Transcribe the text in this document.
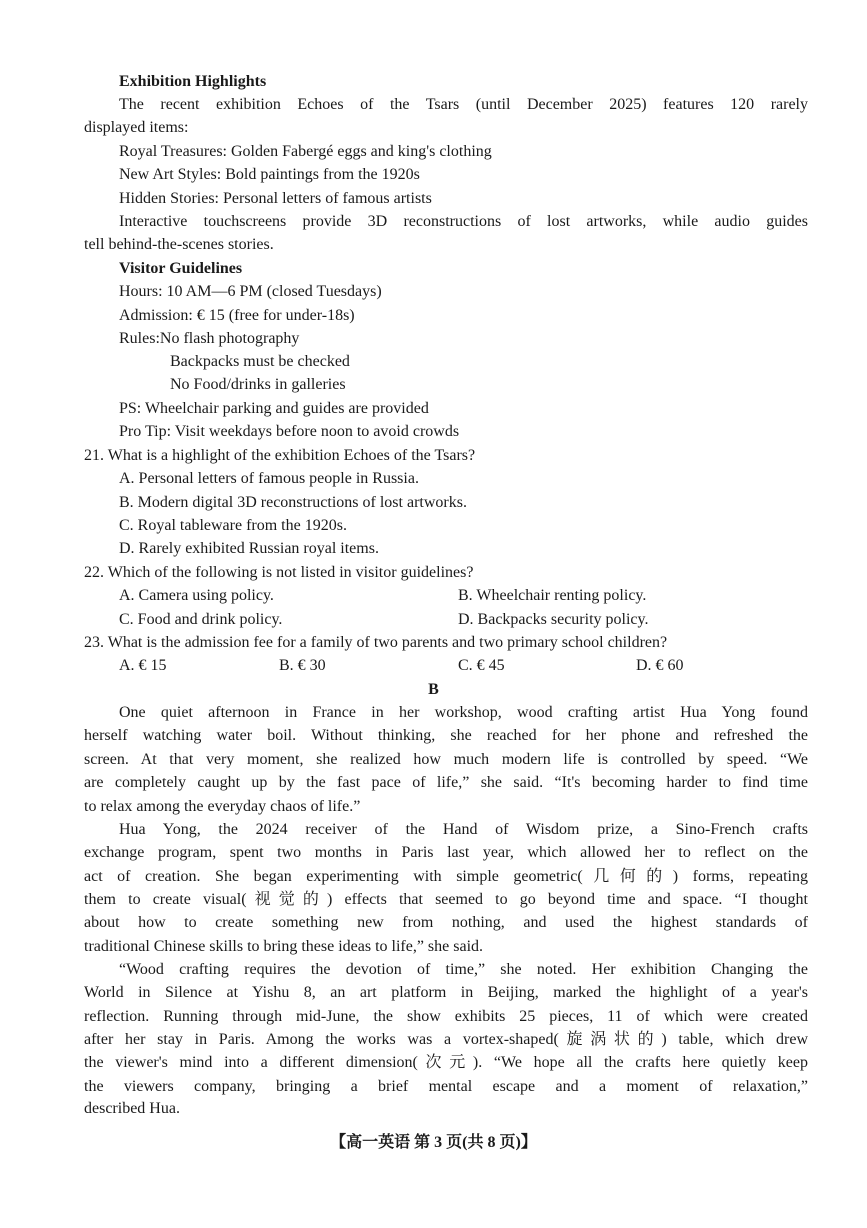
Exhibition Highlights
The recent exhibition Echoes of the Tsars (until December 2025) features 120 rarely
displayed items:
Royal Treasures: Golden Fabergé eggs and king's clothing
New Art Styles: Bold paintings from the 1920s
Hidden Stories: Personal letters of famous artists
Interactive touchscreens provide 3D reconstructions of lost artworks, while audio guides
tell behind-the-scenes stories.
Visitor Guidelines
Hours: 10 AM—6 PM (closed Tuesdays)
Admission: € 15 (free for under-18s)
Rules:No flash photography
Backpacks must be checked
No Food/drinks in galleries
PS: Wheelchair parking and guides are provided
Pro Tip: Visit weekdays before noon to avoid crowds
21. What is a highlight of the exhibition Echoes of the Tsars?
A. Personal letters of famous people in Russia.
B. Modern digital 3D reconstructions of lost artworks.
C. Royal tableware from the 1920s.
D. Rarely exhibited Russian royal items.
22. Which of the following is not listed in visitor guidelines?
A. Camera using policy.	B. Wheelchair renting policy.
C. Food and drink policy.	D. Backpacks security policy.
23. What is the admission fee for a family of two parents and two primary school children?
A. € 15	B. € 30	C. € 45	D. € 60
B
One quiet afternoon in France in her workshop, wood crafting artist Hua Yong found
herself watching water boil. Without thinking, she reached for her phone and refreshed the
screen. At that very moment, she realized how much modern life is controlled by speed. “We
are completely caught up by the fast pace of life,” she said. “It's becoming harder to find time
to relax among the everyday chaos of life.”
Hua Yong, the 2024 receiver of the Hand of Wisdom prize, a Sino-French crafts
exchange program, spent two months in Paris last year, which allowed her to reflect on the
act of creation. She began experimenting with simple geometric(几何的) forms, repeating
them to create visual(视觉的) effects that seemed to go beyond time and space. “I thought
about how to create something new from nothing, and used the highest standards of
traditional Chinese skills to bring these ideas to life,” she said.
“Wood crafting requires the devotion of time,” she noted. Her exhibition Changing the
World in Silence at Yishu 8, an art platform in Beijing, marked the highlight of a year's
reflection. Running through mid-June, the show exhibits 25 pieces, 11 of which were created
after her stay in Paris. Among the works was a vortex-shaped(旋涡状的) table, which drew
the viewer's mind into a different dimension(次元). “We hope all the crafts here quietly keep
the viewers company, bringing a brief mental escape and a moment of relaxation,”
described Hua.
【高一英语 第 3 页(共 8 页)】
